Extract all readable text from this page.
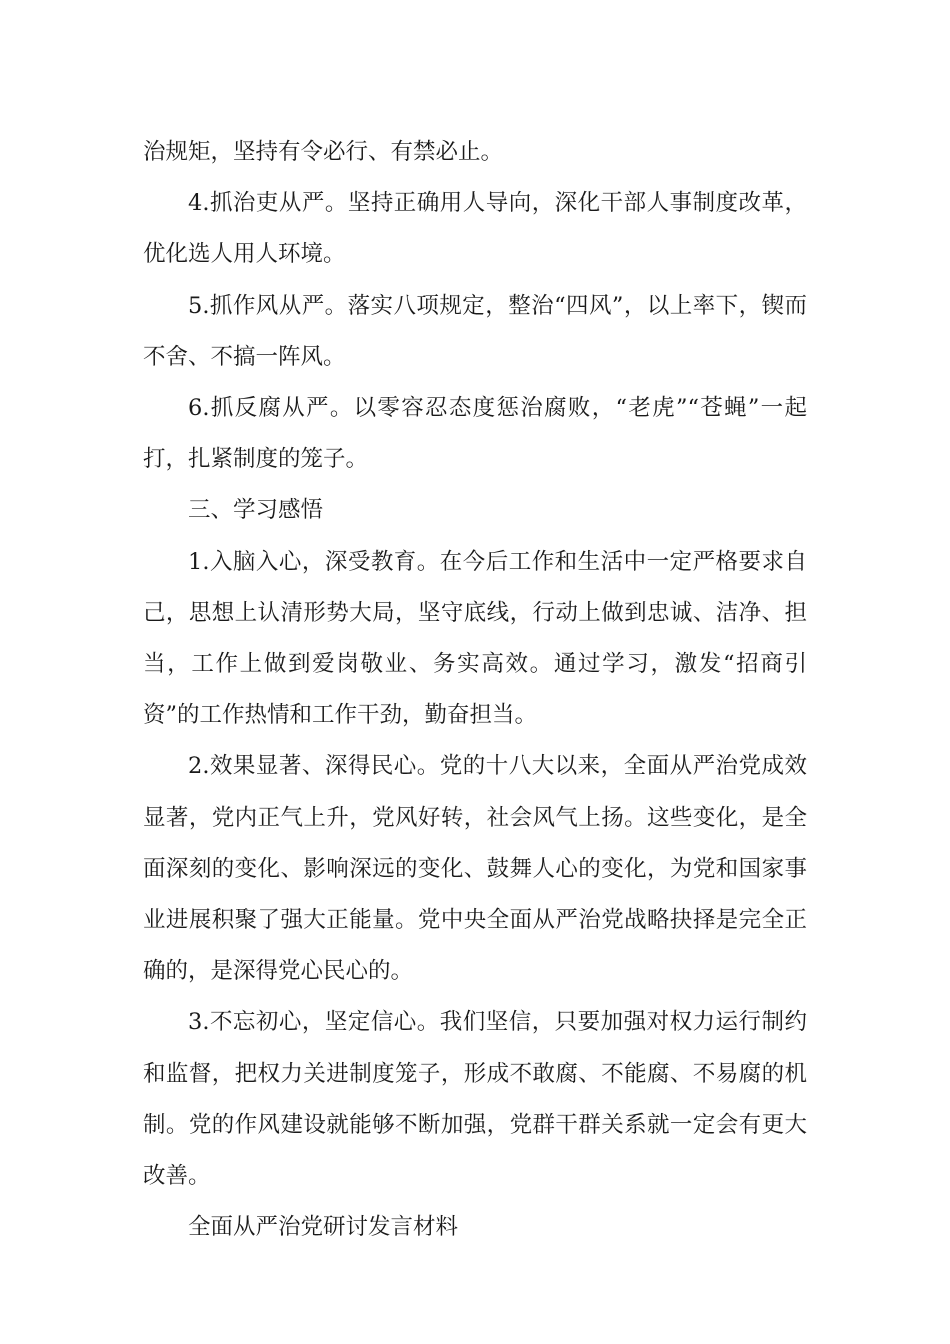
治规矩，坚持有令必行、有禁必止。

4.抓治吏从严。坚持正确用人导向，深化干部人事制度改革，优化选人用人环境。

5.抓作风从严。落实八项规定，整治“四风”，以上率下，锲而不舍、不搞一阵风。

6.抓反腐从严。以零容忍态度惩治腐败，“老虎”“苍蝇”一起打，扎紧制度的笼子。

三、学习感悟

1.入脑入心，深受教育。在今后工作和生活中一定严格要求自己，思想上认清形势大局，坚守底线，行动上做到忠诚、洁净、担当，工作上做到爱岗敬业、务实高效。通过学习，激发“招商引资”的工作热情和工作干劲，勤奋担当。

2.效果显著、深得民心。党的十八大以来，全面从严治党成效显著，党内正气上升，党风好转，社会风气上扬。这些变化，是全面深刻的变化、影响深远的变化、鼓舞人心的变化，为党和国家事业进展积聚了强大正能量。党中央全面从严治党战略抉择是完全正确的，是深得党心民心的。

3.不忘初心，坚定信心。我们坚信，只要加强对权力运行制约和监督，把权力关进制度笼子，形成不敢腐、不能腐、不易腐的机制。党的作风建设就能够不断加强，党群干群关系就一定会有更大改善。

全面从严治党研讨发言材料
